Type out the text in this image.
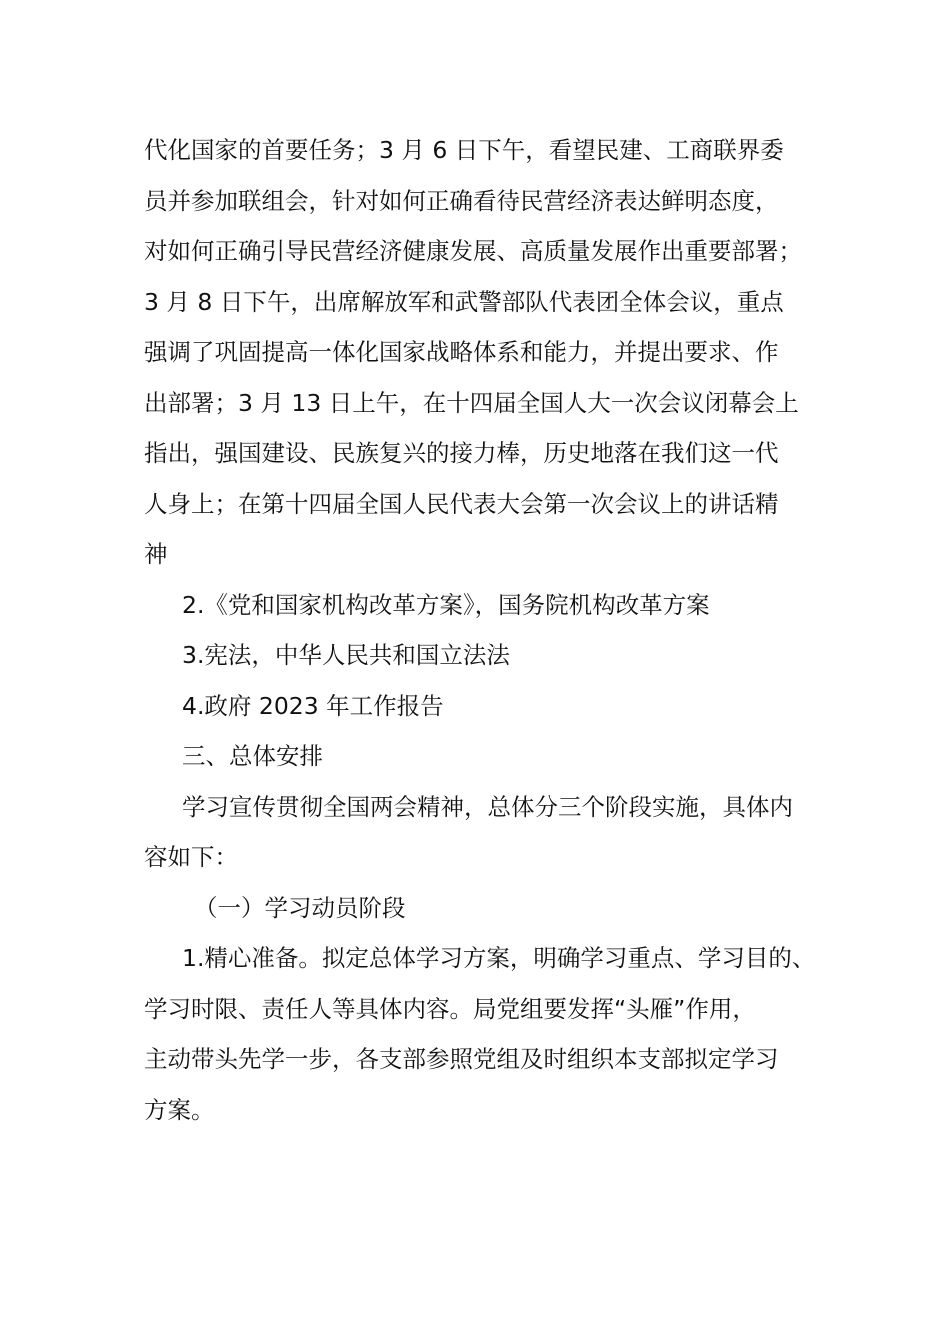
代化国家的首要任务；3 月 6 日下午，看望民建、工商联界委
员并参加联组会，针对如何正确看待民营经济表达鲜明态度，
对如何正确引导民营经济健康发展、高质量发展作出重要部署；
3 月 8 日下午，出席解放军和武警部队代表团全体会议，重点
强调了巩固提高一体化国家战略体系和能力，并提出要求、作
出部署；3 月 13 日上午，在十四届全国人大一次会议闭幕会上
指出，强国建设、民族复兴的接力棒，历史地落在我们这一代
人身上；在第十四届全国人民代表大会第一次会议上的讲话精
神
2.《党和国家机构改革方案》，国务院机构改革方案
3.宪法，中华人民共和国立法法
4.政府 2023 年工作报告
三、总体安排
学习宣传贯彻全国两会精神，总体分三个阶段实施，具体内
容如下：
（一）学习动员阶段
1.精心准备。拟定总体学习方案，明确学习重点、学习目的、
学习时限、责任人等具体内容。局党组要发挥“头雁”作用，
主动带头先学一步，各支部参照党组及时组织本支部拟定学习
方案。
